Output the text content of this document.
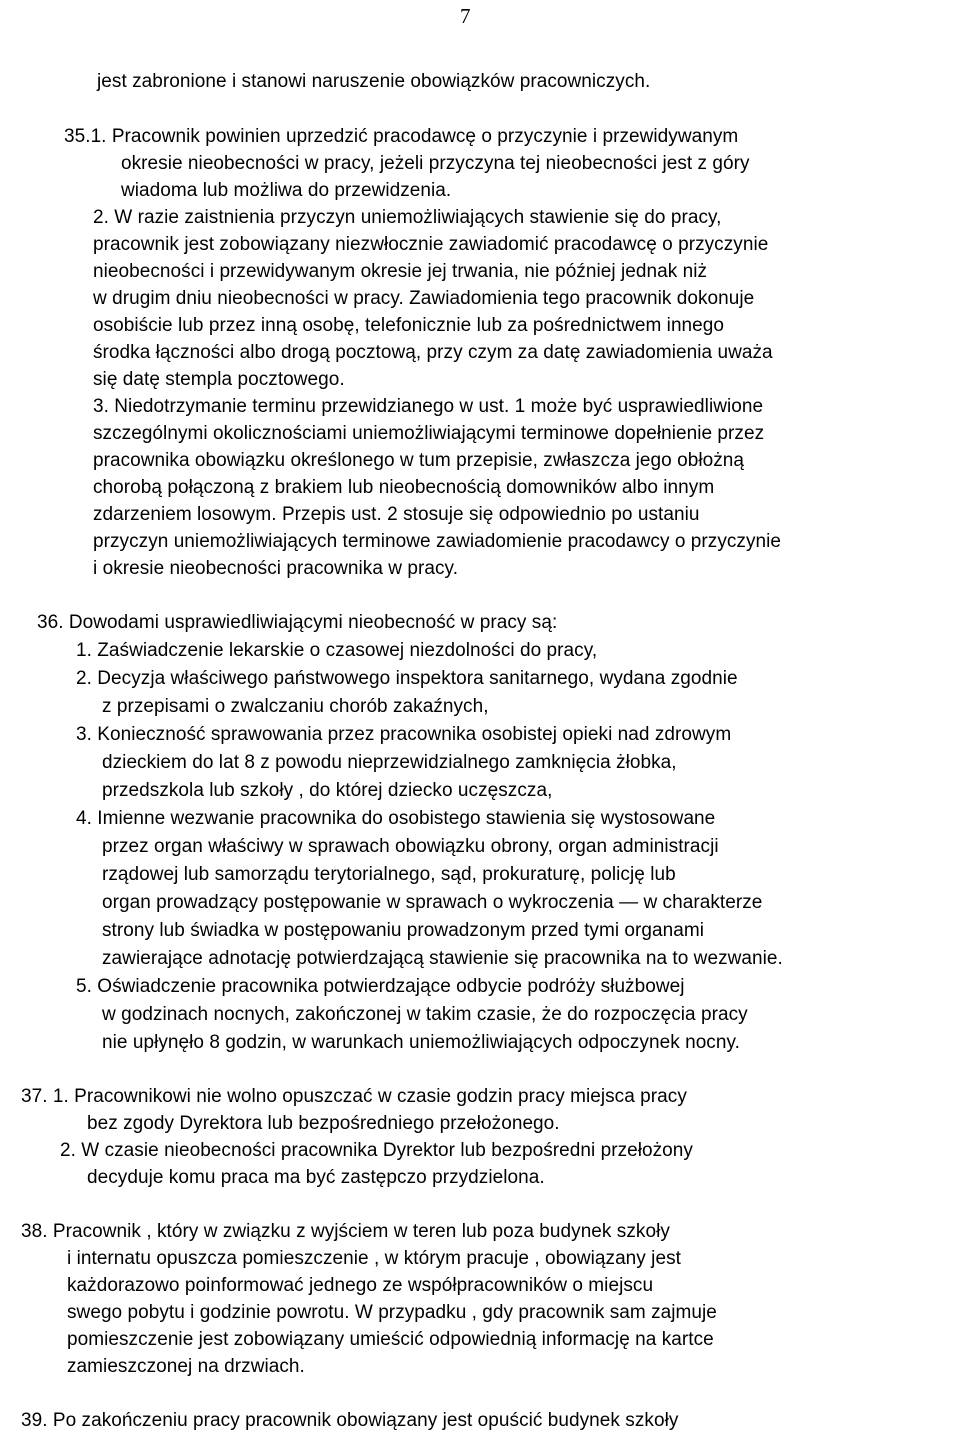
7
jest zabronione i stanowi naruszenie obowiązków pracowniczych.
35.1. Pracownik powinien uprzedzić pracodawcę o przyczynie i przewidywanym
okresie nieobecności w pracy, jeżeli przyczyna tej nieobecności jest z góry
wiadoma lub możliwa do przewidzenia.
2. W razie zaistnienia przyczyn uniemożliwiających stawienie się do pracy,
pracownik jest zobowiązany niezwłocznie zawiadomić pracodawcę o przyczynie
nieobecności i przewidywanym okresie jej trwania, nie później jednak niż
w drugim dniu nieobecności w pracy. Zawiadomienia tego pracownik dokonuje
osobiście lub przez inną osobę, telefonicznie lub za pośrednictwem innego
środka łączności albo drogą pocztową, przy czym za datę zawiadomienia uważa
się datę stempla pocztowego.
3. Niedotrzymanie terminu przewidzianego w ust. 1 może być usprawiedliwione
szczególnymi okolicznościami uniemożliwiającymi terminowe dopełnienie przez
pracownika obowiązku określonego w tum przepisie, zwłaszcza jego obłożną
chorobą połączoną z brakiem lub nieobecnością domowników albo innym
zdarzeniem losowym. Przepis ust. 2 stosuje się odpowiednio po ustaniu
przyczyn uniemożliwiających terminowe zawiadomienie pracodawcy o przyczynie
i okresie nieobecności pracownika w pracy.
36. Dowodami usprawiedliwiającymi nieobecność w pracy są:
1. Zaświadczenie lekarskie o czasowej niezdolności do pracy,
2. Decyzja właściwego państwowego inspektora sanitarnego, wydana zgodnie
z przepisami o zwalczaniu chorób zakaźnych,
3. Konieczność sprawowania przez pracownika osobistej opieki nad zdrowym
dzieckiem do lat 8 z powodu nieprzewidzialnego zamknięcia żłobka,
przedszkola lub szkoły , do której dziecko uczęszcza,
4. Imienne wezwanie pracownika do osobistego stawienia się wystosowane
przez organ właściwy w sprawach obowiązku obrony, organ administracji
rządowej lub samorządu terytorialnego, sąd, prokuraturę, policję lub
organ prowadzący postępowanie w sprawach o wykroczenia — w charakterze
strony lub świadka w postępowaniu prowadzonym przed tymi organami
zawierające adnotację potwierdzającą stawienie się pracownika na to wezwanie.
5. Oświadczenie pracownika potwierdzające odbycie podróży służbowej
w godzinach nocnych, zakończonej w takim czasie, że do rozpoczęcia pracy
nie upłynęło 8 godzin, w warunkach uniemożliwiających odpoczynek nocny.
37. 1. Pracownikowi nie wolno opuszczać w czasie godzin pracy miejsca pracy
bez zgody Dyrektora lub bezpośredniego przełożonego.
2. W czasie nieobecności pracownika Dyrektor lub bezpośredni przełożony
decyduje komu praca ma być zastępczo przydzielona.
38. Pracownik , który w związku z wyjściem w teren lub poza budynek szkoły
i internatu opuszcza pomieszczenie , w którym pracuje , obowiązany jest
każdorazowo poinformować jednego ze współpracowników o miejscu
swego pobytu i godzinie powrotu. W przypadku , gdy pracownik sam zajmuje
pomieszczenie jest zobowiązany umieścić odpowiednią informację na kartce
zamieszczonej na drzwiach.
39. Po zakończeniu pracy pracownik obowiązany jest opuścić budynek szkoły
